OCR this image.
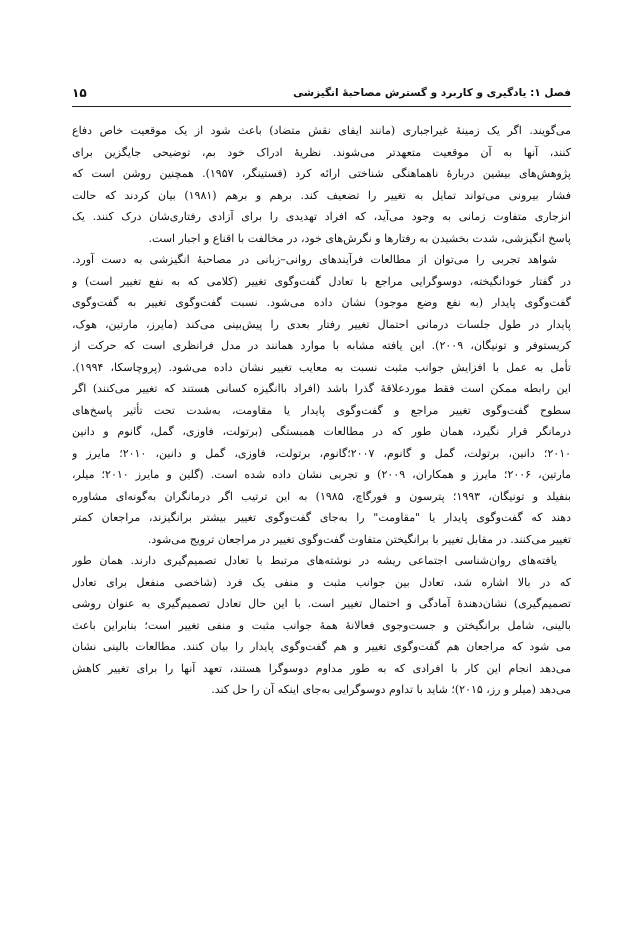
۱۵	فصل ۱: یادگیری و کاربرد و گسترش مصاحبهٔ انگیزشی
می‌گویند. اگر یک زمینهٔ غیراجباری (مانند ایفای نقش متضاد) باعث شود از یک موقعیت خاص دفاع
کنند، آنها به آن موقعیت متعهدتر می‌شوند. نظریهٔ ادراک خود بم، توضیحی جایگزین برای
پژوهش‌های بیشین دربارهٔ ناهماهنگی شناختی ارائه کرد (فستینگر، ۱۹۵۷). همچنین روشن است که
فشار بیرونی می‌تواند تمایل به تغییر را تضعیف کند. برهم و برهم (۱۹۸۱) بیان کردند که حالت
انزجاری متفاوت زمانی به وجود می‌آید، که افراد تهدیدی را برای آزادی رفتاری‌شان درک کنند. یک
پاسخ انگیزشی، شدت بخشیدن به رفتارها و نگرش‌های خود، در مخالفت با اقناع و اجبار است.
شواهد تجربی را می‌توان از مطالعات فرآیندهای روانی–زبانی در مصاحبهٔ انگیزشی به دست آورد.
در گفتار خودانگیخته، دوسوگرایی مراجع با تعادل گفت‌وگوی تغییر (کلامی که به نفع تغییر است) و
گفت‌وگوی پایدار (به نفع وضع موجود) نشان داده می‌شود. نسبت گفت‌وگوی تغییر به گفت‌وگوی
پایدار در طول جلسات درمانی احتمال تغییر رفتار بعدی را پیش‌بینی می‌کند (مایرز، مارتین، هوک،
کریستوفر و تونیگان، ۲۰۰۹). این یافته مشابه با موارد همانند در مدل فرانظری است که حرکت از
تأمل به عمل با افزایش جوانب مثبت نسبت به معایب تغییر نشان داده می‌شود. (پروچاسکا، ۱۹۹۴).
این رابطه ممکن است فقط موردعلاقهٔ گذرا باشد (افراد باانگیزه کسانی هستند که تغییر می‌کنند) اگر
سطوح گفت‌وگوی تغییر مراجع و گفت‌وگوی پایدار یا مقاومت، به‌شدت تحت تأثیر پاسخ‌های
درمانگر قرار نگیرد، همان طور که در مطالعات همبستگی (برتولت، فاوزی، گمل، گانوم و دانین
۲۰۱۰؛ دانین، برتولت، گمل و گانوم، ۲۰۰۷؛گانوم، برتولت، فاوزی، گمل و دانین، ۲۰۱۰؛ مایرز و
مارتین، ۲۰۰۶؛ مایرز و همکاران، ۲۰۰۹) و تجربی نشان داده شده است. (گلین و مایرز ۲۰۱۰؛ میلر،
بنفیلد و تونیگان، ۱۹۹۳؛ پترسون و فورگاچ، ۱۹۸۵) به این ترتیب اگر درمانگران به‌گونه‌ای مشاوره
دهند که گفت‌وگوی پایدار یا "مقاومت" را به‌جای گفت‌وگوی تغییر بیشتر برانگیزند، مراجعان کمتر
تغییر می‌کنند. در مقابل تغییر با برانگیختن متفاوت گفت‌وگوی تغییر در مراجعان ترویج می‌شود.
یافته‌های روان‌شناسی اجتماعی ریشه در نوشته‌های مرتبط با تعادل تصمیم‌گیری دارند. همان طور
که در بالا اشاره شد، تعادل بین جوانب مثبت و منفی یک فرد (شاخصی منفعل برای تعادل
تصمیم‌گیری) نشان‌دهندهٔ آمادگی و احتمال تغییر است. با این حال تعادل تصمیم‌گیری به عنوان روشی
بالینی، شامل برانگیختن و جست‌وجوی فعالانهٔ همهٔ جوانب مثبت و منفی تغییر است؛ بنابراین باعث
می شود که مراجعان هم گفت‌وگوی تغییر و هم گفت‌وگوی پایدار را بیان کنند. مطالعات بالینی نشان
می‌دهد انجام این کار با افرادی که به طور مداوم دوسوگرا هستند، تعهد آنها را برای تغییر کاهش
می‌دهد (میلر و رز، ۲۰۱۵)؛ شاید با تداوم دوسوگرایی به‌جای اینکه آن را حل کند.
